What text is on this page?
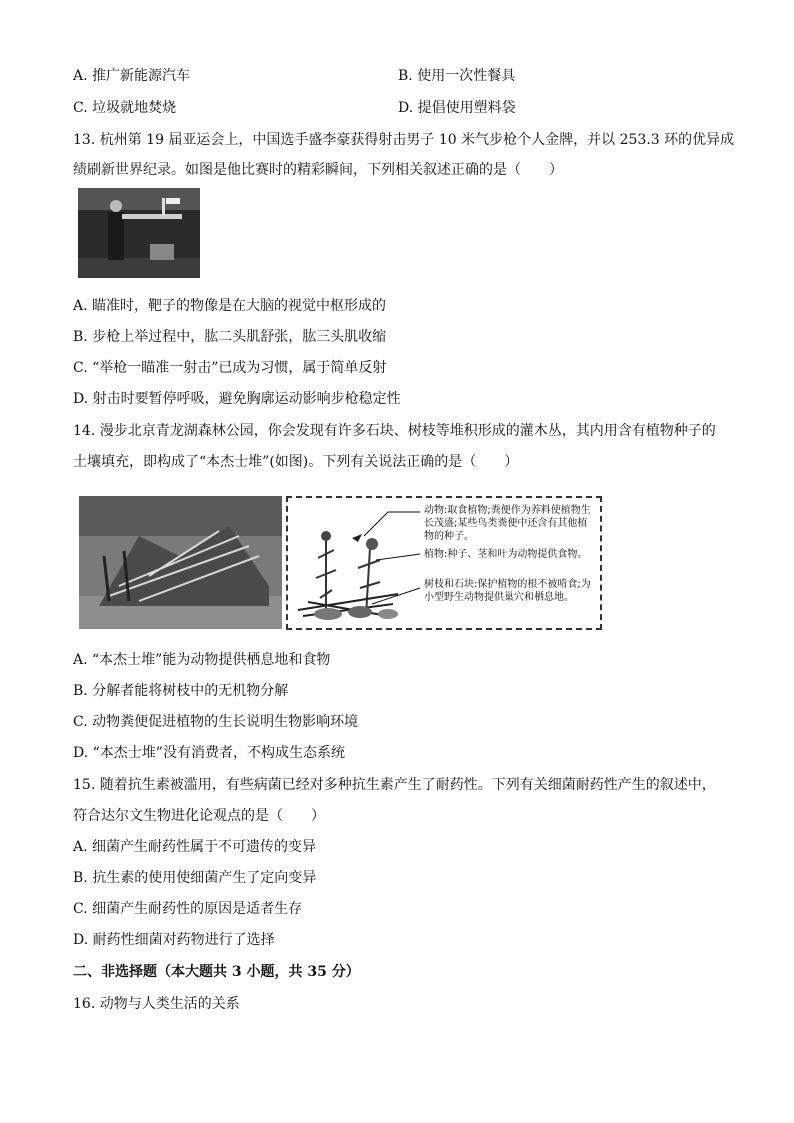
A. 推广新能源汽车	B. 使用一次性餐具
C. 垃圾就地焚烧	D. 提倡使用塑料袋
13. 杭州第 19 届亚运会上，中国选手盛李豪获得射击男子 10 米气步枪个人金牌，并以 253.3 环的优异成
绩刷新世界纪录。如图是他比赛时的精彩瞬间，下列相关叙述正确的是（　　）
A. 瞄准时，靶子的物像是在大脑的视觉中枢形成的
B. 步枪上举过程中，肱二头肌舒张，肱三头肌收缩
C. “举枪一瞄准一射击”已成为习惯，属于简单反射
D. 射击时要暂停呼吸，避免胸廓运动影响步枪稳定性
14. 漫步北京青龙湖森林公园，你会发现有许多石块、树枝等堆积形成的灌木丛，其内用含有植物种子的
土壤填充，即构成了“本杰士堆”(如图)。下列有关说法正确的是（　　）
动物:取食植物;粪便作为养料使植物生长茂盛;某些鸟类粪便中还含有其他植物的种子。
植物:种子、茎和叶为动物提供食物。
树枝和石块:保护植物的根不被啃食;为小型野生动物提供巢穴和栖息地。
A. “本杰士堆”能为动物提供栖息地和食物
B. 分解者能将树枝中的无机物分解
C. 动物粪便促进植物的生长说明生物影响环境
D. “本杰士堆”没有消费者，不构成生态系统
15. 随着抗生素被滥用，有些病菌已经对多种抗生素产生了耐药性。下列有关细菌耐药性产生的叙述中，
符合达尔文生物进化论观点的是（　　）
A. 细菌产生耐药性属于不可遗传的变异
B. 抗生素的使用使细菌产生了定向变异
C. 细菌产生耐药性的原因是适者生存
D. 耐药性细菌对药物进行了选择
二、非选择题（本大题共 3 小题，共 35 分）
16. 动物与人类生活的关系
